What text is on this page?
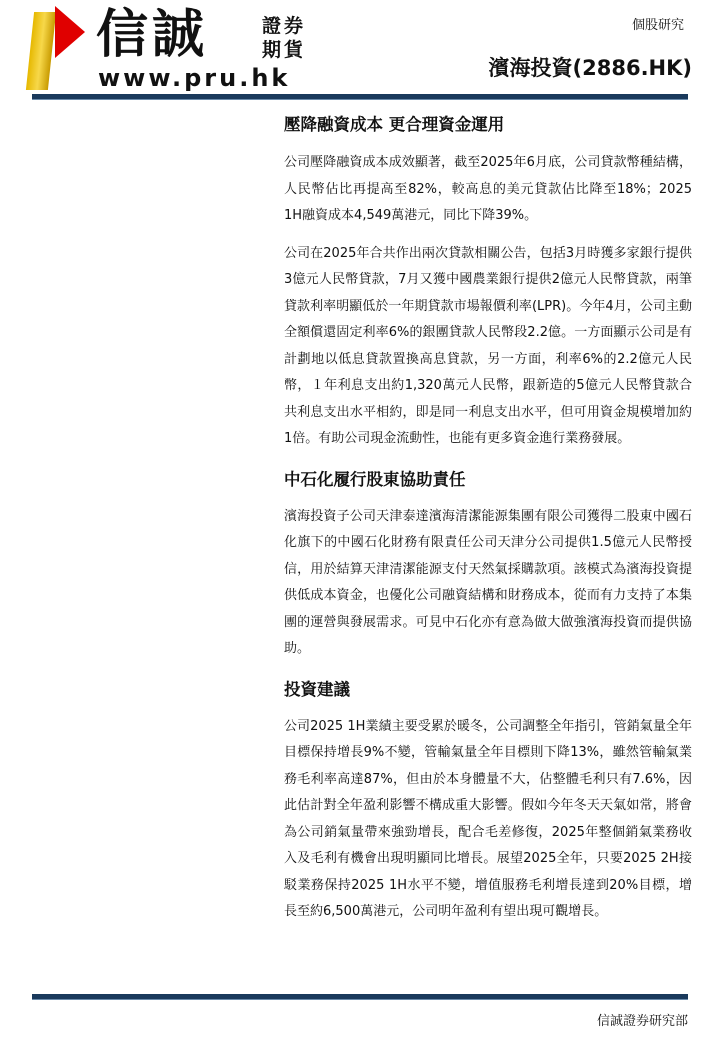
信誠	證券
期貨
www.pru.hk
個股研究
濱海投資(2886.HK)
壓降融資成本 更合理資金運用

公司壓降融資成本成效顯著，截至2025年6月底，公司貸款幣種結構，人民幣佔比再提高至82%，較高息的美元貸款佔比降至18%；2025 1H融資成本4,549萬港元，同比下降39%。

公司在2025年合共作出兩次貸款相關公告，包括3月時獲多家銀行提供3億元人民幣貸款，7月又獲中國農業銀行提供2億元人民幣貸款，兩筆貸款利率明顯低於一年期貸款市場報價利率(LPR)。今年4月，公司主動全額償還固定利率6%的銀團貸款人民幣段2.2億。一方面顯示公司是有計劃地以低息貸款置換高息貸款，另一方面，利率6%的2.2億元人民幣，１年利息支出約1,320萬元人民幣，跟新造的5億元人民幣貸款合共利息支出水平相約，即是同一利息支出水平，但可用資金規模增加約1倍。有助公司現金流動性，也能有更多資金進行業務發展。

中石化履行股東協助責任

濱海投資子公司天津泰達濱海清潔能源集團有限公司獲得二股東中國石化旗下的中國石化財務有限責任公司天津分公司提供1.5億元人民幣授信，用於結算天津清潔能源支付天然氣採購款項。該模式為濱海投資提供低成本資金，也優化公司融資結構和財務成本，從而有力支持了本集團的運營與發展需求。可見中石化亦有意為做大做強濱海投資而提供協助。

投資建議

公司2025 1H業績主要受累於暖冬，公司調整全年指引，管銷氣量全年目標保持增長9%不變，管輸氣量全年目標則下降13%，雖然管輸氣業務毛利率高達87%，但由於本身體量不大，佔整體毛利只有7.6%，因此估計對全年盈利影響不構成重大影響。假如今年冬天天氣如常，將會為公司銷氣量帶來強勁增長，配合毛差修復，2025年整個銷氣業務收入及毛利有機會出現明顯同比增長。展望2025全年，只要2025 2H接駁業務保持2025 1H水平不變，增值服務毛利增長達到20%目標，增長至約6,500萬港元，公司明年盈利有望出現可觀增長。

信誠證券研究部
